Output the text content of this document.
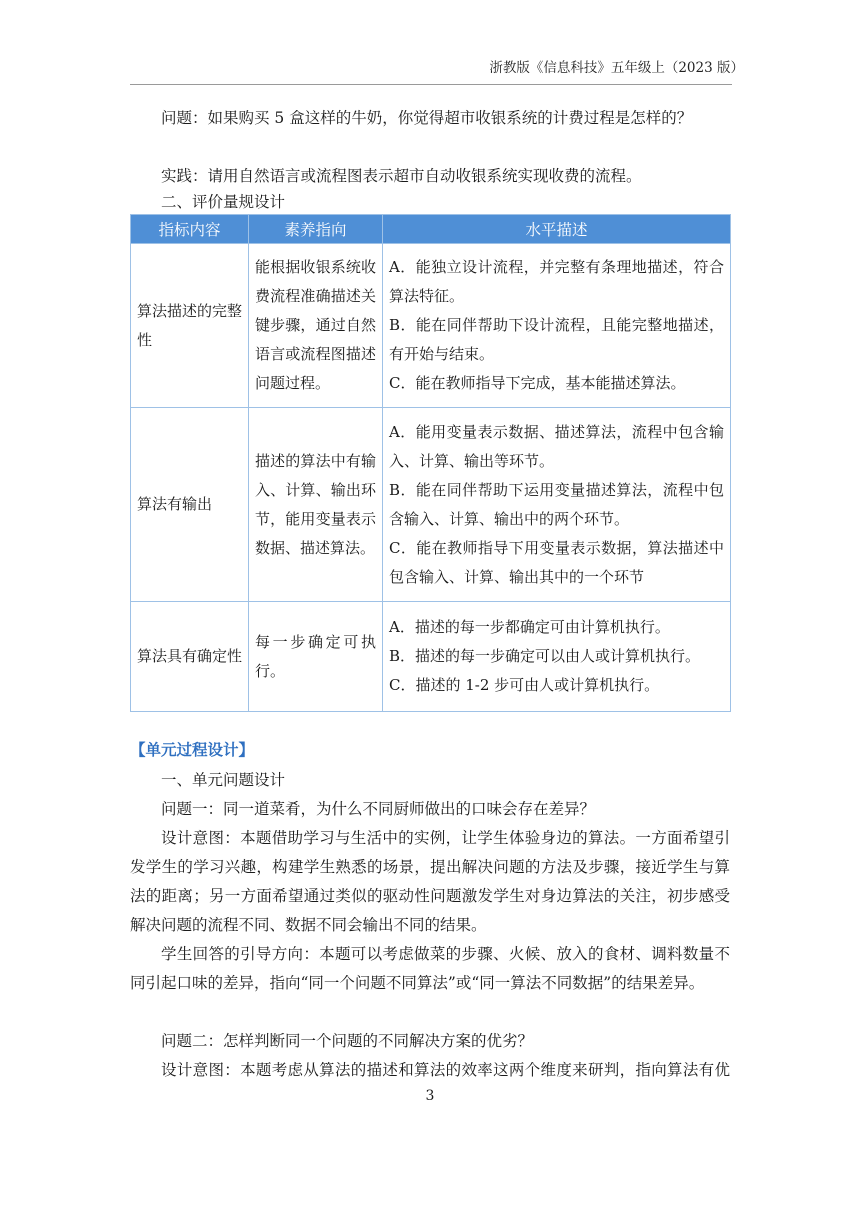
浙教版《信息科技》五年级上（2023 版）

问题：如果购买 5 盒这样的牛奶，你觉得超市收银系统的计费过程是怎样的？

实践：请用自然语言或流程图表示超市自动收银系统实现收费的流程。

二、评价量规设计

指标内容	素养指向	水平描述
算法描述的完整性	能根据收银系统收费流程准确描述关键步骤，通过自然语言或流程图描述问题过程。	A．能独立设计流程，并完整有条理地描述，符合算法特征。
B．能在同伴帮助下设计流程，且能完整地描述，有开始与结束。
C．能在教师指导下完成，基本能描述算法。

算法有输出	描述的算法中有输入、计算、输出环节，能用变量表示数据、描述算法。	A．能用变量表示数据、描述算法，流程中包含输入、计算、输出等环节。
B．能在同伴帮助下运用变量描述算法，流程中包含输入、计算、输出中的两个环节。
C．能在教师指导下用变量表示数据，算法描述中包含输入、计算、输出其中的一个环节

算法具有确定性	每一步确定可执行。	A．描述的每一步都确定可由计算机执行。
B．描述的每一步确定可以由人或计算机执行。
C．描述的 1-2 步可由人或计算机执行。
【单元过程设计】

一、单元问题设计

问题一：同一道菜肴，为什么不同厨师做出的口味会存在差异？

设计意图：本题借助学习与生活中的实例，让学生体验身边的算法。一方面希望引发学生的学习兴趣，构建学生熟悉的场景，提出解决问题的方法及步骤，接近学生与算法的距离；另一方面希望通过类似的驱动性问题激发学生对身边算法的关注，初步感受解决问题的流程不同、数据不同会输出不同的结果。

学生回答的引导方向：本题可以考虑做菜的步骤、火候、放入的食材、调料数量不同引起口味的差异，指向“同一个问题不同算法”或“同一算法不同数据”的结果差异。

问题二：怎样判断同一个问题的不同解决方案的优劣？

设计意图：本题考虑从算法的描述和算法的效率这两个维度来研判，指向算法有优

3
